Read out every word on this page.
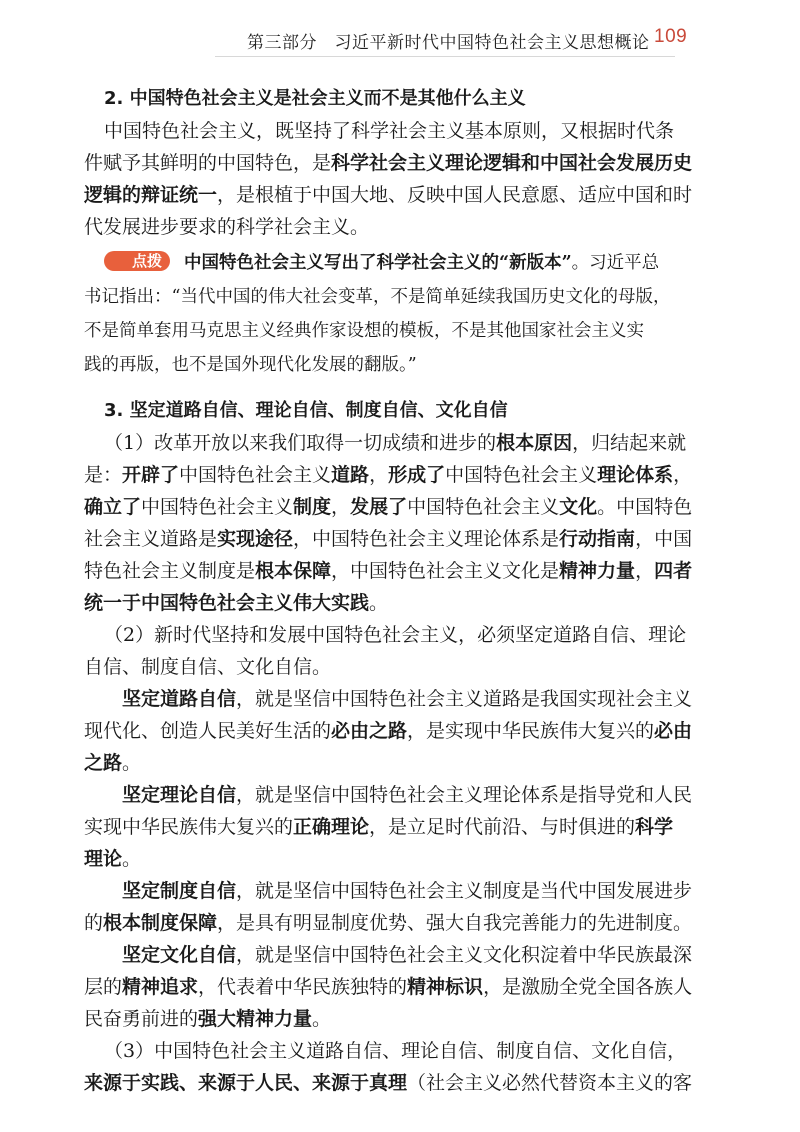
第三部分　习近平新时代中国特色社会主义思想概论 109
2. 中国特色社会主义是社会主义而不是其他什么主义
中国特色社会主义，既坚持了科学社会主义基本原则，又根据时代条
件赋予其鲜明的中国特色，是科学社会主义理论逻辑和中国社会发展历史
逻辑的辩证统一，是根植于中国大地、反映中国人民意愿、适应中国和时
代发展进步要求的科学社会主义。
点拨 中国特色社会主义写出了科学社会主义的“新版本”。习近平总
书记指出：“当代中国的伟大社会变革，不是简单延续我国历史文化的母版，
不是简单套用马克思主义经典作家设想的模板，不是其他国家社会主义实
践的再版，也不是国外现代化发展的翻版。”
3. 坚定道路自信、理论自信、制度自信、文化自信
（1）改革开放以来我们取得一切成绩和进步的根本原因，归结起来就
是：开辟了中国特色社会主义道路，形成了中国特色社会主义理论体系，
确立了中国特色社会主义制度，发展了中国特色社会主义文化。中国特色
社会主义道路是实现途径，中国特色社会主义理论体系是行动指南，中国
特色社会主义制度是根本保障，中国特色社会主义文化是精神力量，四者
统一于中国特色社会主义伟大实践。
（2）新时代坚持和发展中国特色社会主义，必须坚定道路自信、理论
自信、制度自信、文化自信。
坚定道路自信，就是坚信中国特色社会主义道路是我国实现社会主义
现代化、创造人民美好生活的必由之路，是实现中华民族伟大复兴的必由
之路。
坚定理论自信，就是坚信中国特色社会主义理论体系是指导党和人民
实现中华民族伟大复兴的正确理论，是立足时代前沿、与时俱进的科学
理论。
坚定制度自信，就是坚信中国特色社会主义制度是当代中国发展进步
的根本制度保障，是具有明显制度优势、强大自我完善能力的先进制度。
坚定文化自信，就是坚信中国特色社会主义文化积淀着中华民族最深
层的精神追求，代表着中华民族独特的精神标识，是激励全党全国各族人
民奋勇前进的强大精神力量。
（3）中国特色社会主义道路自信、理论自信、制度自信、文化自信，
来源于实践、来源于人民、来源于真理（社会主义必然代替资本主义的客
